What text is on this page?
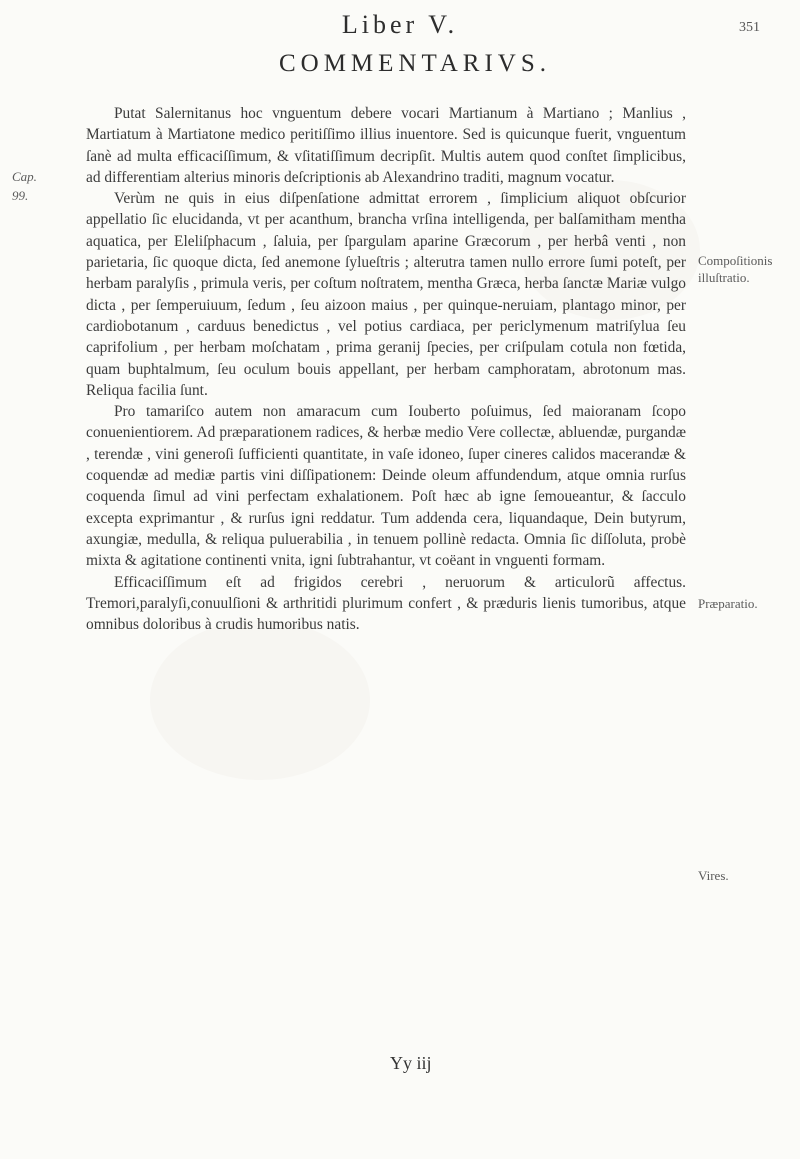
Liber V.	351
COMMENTARIVS.
Cap.
99.
Compoſitionis illuſtratio.
Præparatio.
Vires.

Putat Salernitanus hoc vnguentum debere vocari Martianum à Martiano ; Manlius , Martiatum à Martiatone medico peritiſſimo illius inuentore. Sed is quicunque fuerit, vnguentum ſanè ad multa efficaciſſimum, & vſitatiſſimum decripſit. Multis autem quod conſtet ſimplicibus, ad differentiam alterius minoris deſcriptionis ab Alexandrino traditi, magnum vocatur.

Verùm ne quis in eius diſpenſatione admittat errorem , ſimplicium aliquot obſcurior appellatio ſic elucidanda, vt per acanthum, brancha vrſina intelligenda, per balſamitham mentha aquatica, per Eleliſphacum , ſaluia, per ſpargulam aparine Græcorum , per herbâ venti , non parietaria, ſic quoque dicta, ſed anemone ſylueſtris ; alterutra tamen nullo errore ſumi poteſt, per herbam paralyſis , primula veris, per coſtum noſtratem, mentha Græca, herba ſanctæ Mariæ vulgo dicta , per ſemperuiuum, ſedum , ſeu aizoon maius , per quinque-neruiam, plantago minor, per cardiobotanum , carduus benedictus , vel potius cardiaca, per periclymenum matriſylua ſeu caprifolium , per herbam moſchatam , prima geranij ſpecies, per criſpulam cotula non fœtida, quam buphtalmum, ſeu oculum bouis appellant, per herbam camphoratam, abrotonum mas. Reliqua facilia ſunt.

Pro tamariſco autem non amaracum cum Iouberto poſuimus, ſed maioranam ſcopo conuenientiorem. Ad præparationem radices, & herbæ medio Vere collectæ, abluendæ, purgandæ , terendæ , vini generoſi ſufficienti quantitate, in vaſe idoneo, ſuper cineres calidos macerandæ & coquendæ ad mediæ partis vini diſſipationem: Deinde oleum affundendum, atque omnia rurſus coquenda ſimul ad vini perfectam exhalationem. Poſt hæc ab igne ſemoueantur, & ſacculo excepta exprimantur , & rurſus igni reddatur. Tum addenda cera, liquandaque, Dein butyrum, axungiæ, medulla, & reliqua puluerabilia , in tenuem pollinè redacta. Omnia ſic diſſoluta, probè mixta & agitatione continenti vnita, igni ſubtrahantur, vt coëant in vnguenti formam.

Efficaciſſimum eſt ad frigidos cerebri , neruorum & articulorũ affectus. Tremori,paralyſi,conuulſioni & arthritidi plurimum confert , & præduris lienis tumoribus, atque omnibus doloribus à crudis humoribus natis.

Yy iij
